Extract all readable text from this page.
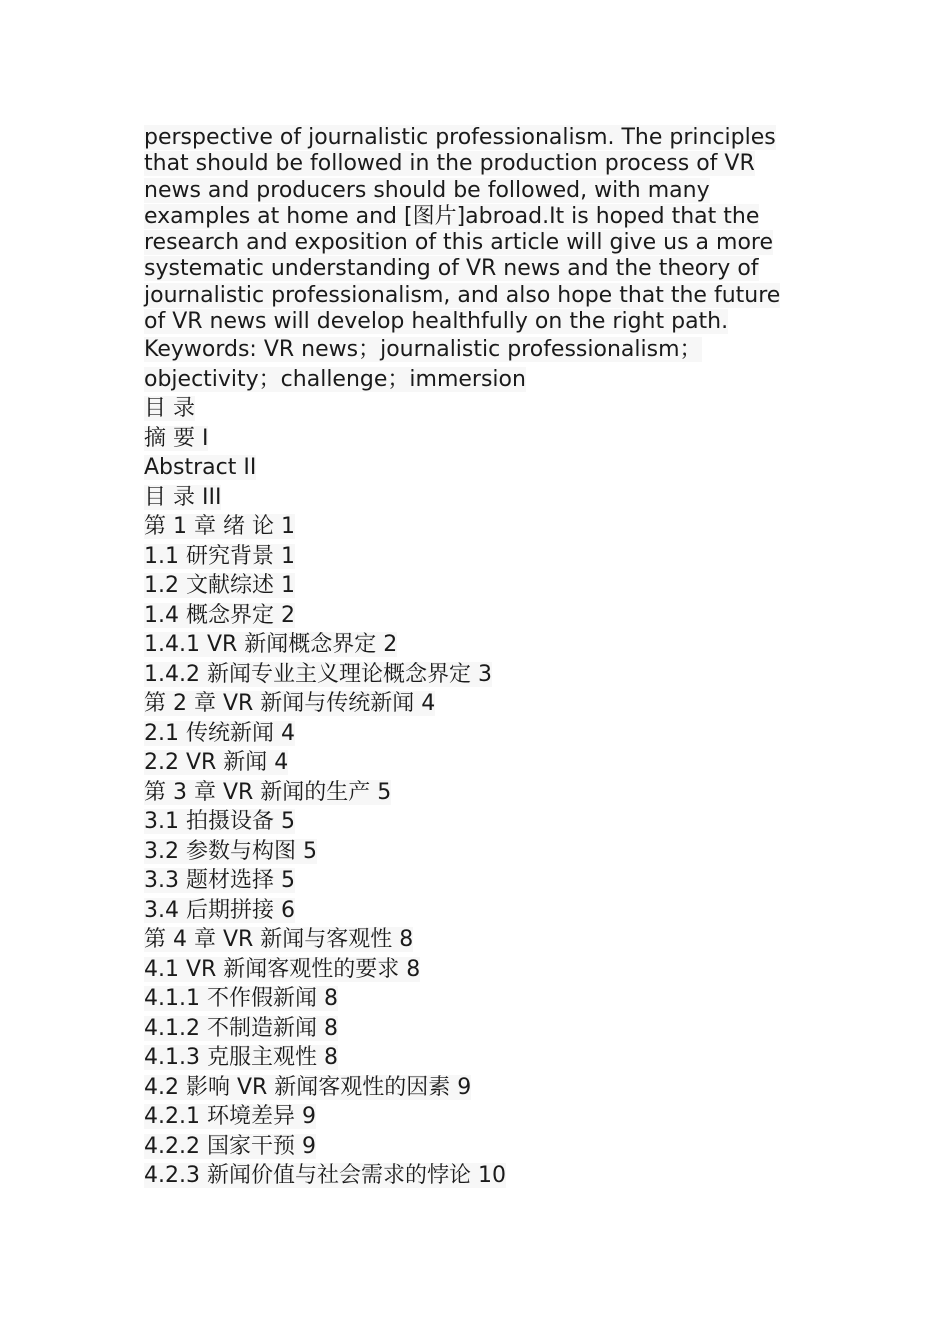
perspective of journalistic professionalism. The principles
that should be followed in the production process of VR
news and producers should be followed, with many
examples at home and [图片]abroad.It is hoped that the
research and exposition of this article will give us a more
systematic understanding of VR news and the theory of
journalistic professionalism, and also hope that the future
of VR news will develop healthfully on the right path.

Keywords: VR news；journalistic professionalism；
objectivity；challenge；immersion

目 录

摘 要 I

Abstract II

目 录 III

第 1 章 绪 论 1

1.1 研究背景 1

1.2 文献综述 1

1.4 概念界定 2

1.4.1 VR 新闻概念界定 2

1.4.2 新闻专业主义理论概念界定 3

第 2 章 VR 新闻与传统新闻 4

2.1 传统新闻 4

2.2 VR 新闻 4

第 3 章 VR 新闻的生产 5

3.1 拍摄设备 5

3.2 参数与构图 5

3.3 题材选择 5

3.4 后期拼接 6

第 4 章 VR 新闻与客观性 8

4.1 VR 新闻客观性的要求 8

4.1.1 不作假新闻 8

4.1.2 不制造新闻 8

4.1.3 克服主观性 8

4.2 影响 VR 新闻客观性的因素 9

4.2.1 环境差异 9

4.2.2 国家干预 9

4.2.3 新闻价值与社会需求的悖论 10
